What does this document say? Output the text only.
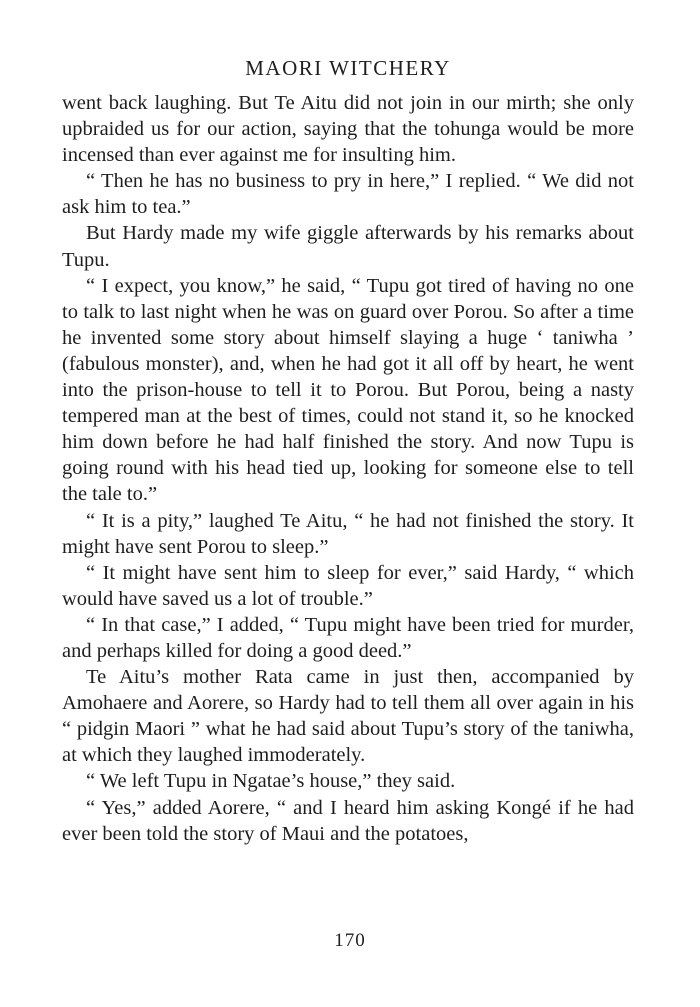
MAORI WITCHERY

went back laughing. But Te Aitu did not join in our mirth; she only upbraided us for our action, saying that the tohunga would be more incensed than ever against me for insulting him.

“ Then he has no business to pry in here,” I replied. “ We did not ask him to tea.”

But Hardy made my wife giggle afterwards by his remarks about Tupu.

“ I expect, you know,” he said, “ Tupu got tired of having no one to talk to last night when he was on guard over Porou. So after a time he invented some story about himself slaying a huge ‘ taniwha ’ (fabulous monster), and, when he had got it all off by heart, he went into the prison-house to tell it to Porou. But Porou, being a nasty tempered man at the best of times, could not stand it, so he knocked him down before he had half finished the story. And now Tupu is going round with his head tied up, looking for someone else to tell the tale to.”

“ It is a pity,” laughed Te Aitu, “ he had not finished the story. It might have sent Porou to sleep.”

“ It might have sent him to sleep for ever,” said Hardy, “ which would have saved us a lot of trouble.”

“ In that case,” I added, “ Tupu might have been tried for murder, and perhaps killed for doing a good deed.”

Te Aitu’s mother Rata came in just then, accompanied by Amohaere and Aorere, so Hardy had to tell them all over again in his “ pidgin Maori ” what he had said about Tupu’s story of the taniwha, at which they laughed immoderately.

“ We left Tupu in Ngatae’s house,” they said.

“ Yes,” added Aorere, “ and I heard him asking Kongé if he had ever been told the story of Maui and the potatoes,

170
